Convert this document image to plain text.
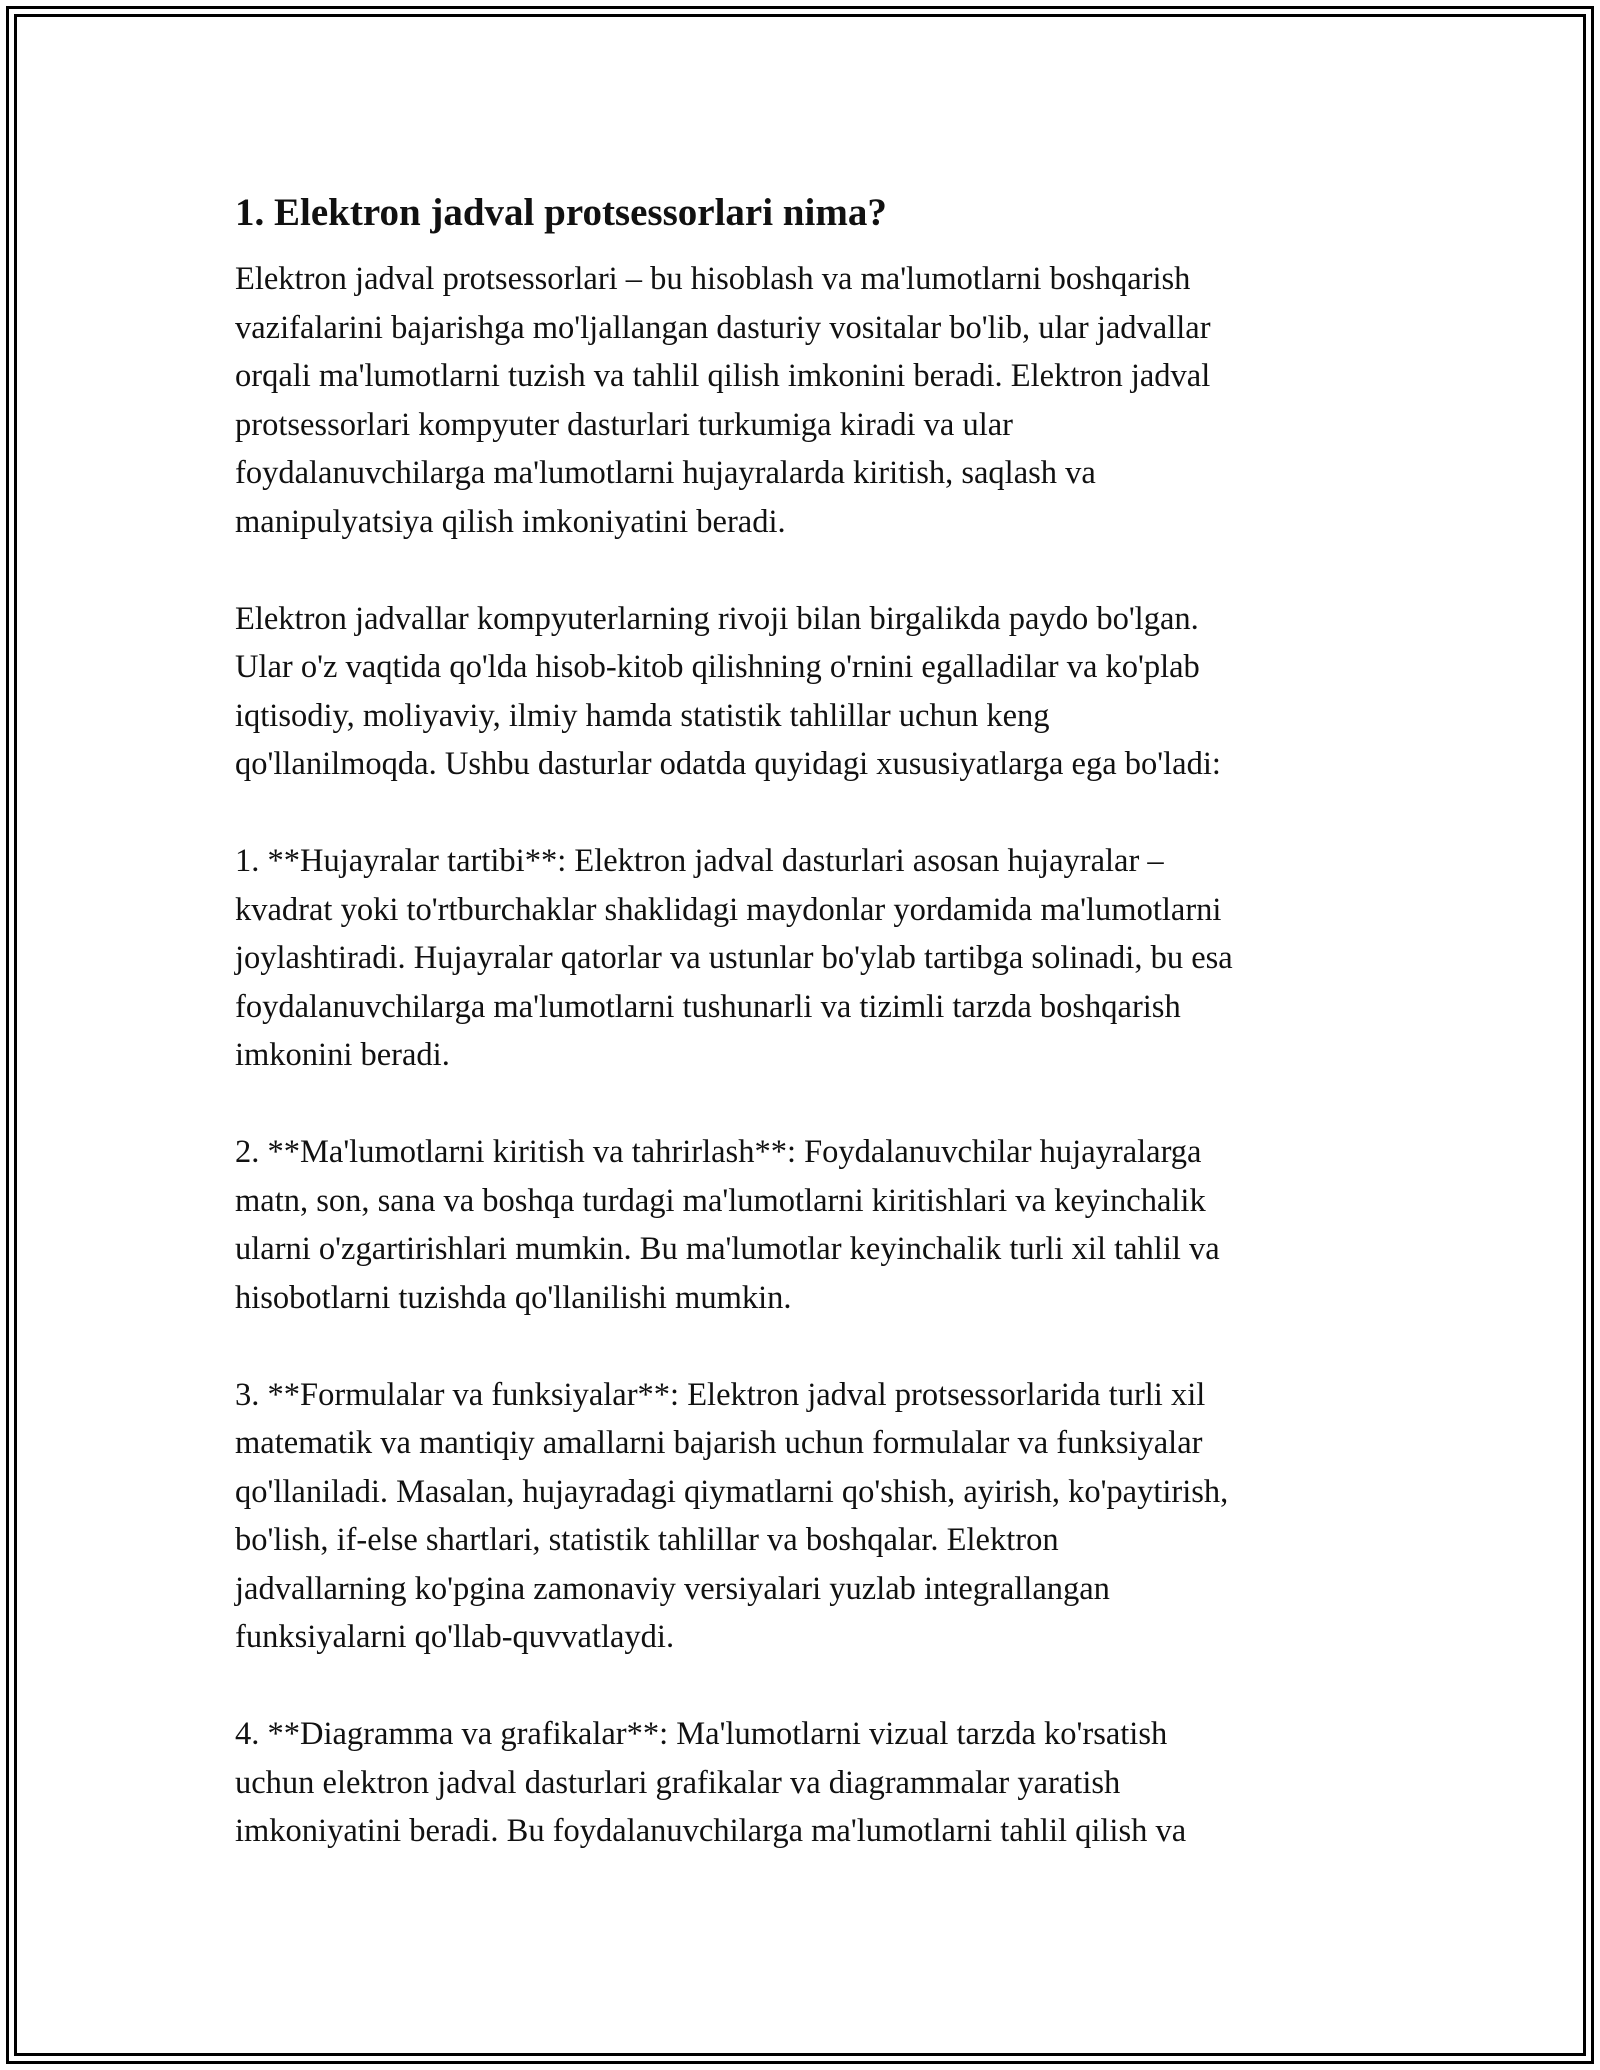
1. Elektron jadval protsessorlari nima?

Elektron jadval protsessorlari – bu hisoblash va ma'lumotlarni boshqarish
vazifalarini bajarishga mo'ljallangan dasturiy vositalar bo'lib, ular jadvallar
orqali ma'lumotlarni tuzish va tahlil qilish imkonini beradi. Elektron jadval
protsessorlari kompyuter dasturlari turkumiga kiradi va ular
foydalanuvchilarga ma'lumotlarni hujayralarda kiritish, saqlash va
manipulyatsiya qilish imkoniyatini beradi.

Elektron jadvallar kompyuterlarning rivoji bilan birgalikda paydo bo'lgan.
Ular o'z vaqtida qo'lda hisob-kitob qilishning o'rnini egalladilar va ko'plab
iqtisodiy, moliyaviy, ilmiy hamda statistik tahlillar uchun keng
qo'llanilmoqda. Ushbu dasturlar odatda quyidagi xususiyatlarga ega bo'ladi:

1. **Hujayralar tartibi**: Elektron jadval dasturlari asosan hujayralar –
kvadrat yoki to'rtburchaklar shaklidagi maydonlar yordamida ma'lumotlarni
joylashtiradi. Hujayralar qatorlar va ustunlar bo'ylab tartibga solinadi, bu esa
foydalanuvchilarga ma'lumotlarni tushunarli va tizimli tarzda boshqarish
imkonini beradi.

2. **Ma'lumotlarni kiritish va tahrirlash**: Foydalanuvchilar hujayralarga
matn, son, sana va boshqa turdagi ma'lumotlarni kiritishlari va keyinchalik
ularni o'zgartirishlari mumkin. Bu ma'lumotlar keyinchalik turli xil tahlil va
hisobotlarni tuzishda qo'llanilishi mumkin.

3. **Formulalar va funksiyalar**: Elektron jadval protsessorlarida turli xil
matematik va mantiqiy amallarni bajarish uchun formulalar va funksiyalar
qo'llaniladi. Masalan, hujayradagi qiymatlarni qo'shish, ayirish, ko'paytirish,
bo'lish, if-else shartlari, statistik tahlillar va boshqalar. Elektron
jadvallarning ko'pgina zamonaviy versiyalari yuzlab integrallangan
funksiyalarni qo'llab-quvvatlaydi.

4. **Diagramma va grafikalar**: Ma'lumotlarni vizual tarzda ko'rsatish
uchun elektron jadval dasturlari grafikalar va diagrammalar yaratish
imkoniyatini beradi. Bu foydalanuvchilarga ma'lumotlarni tahlil qilish va
